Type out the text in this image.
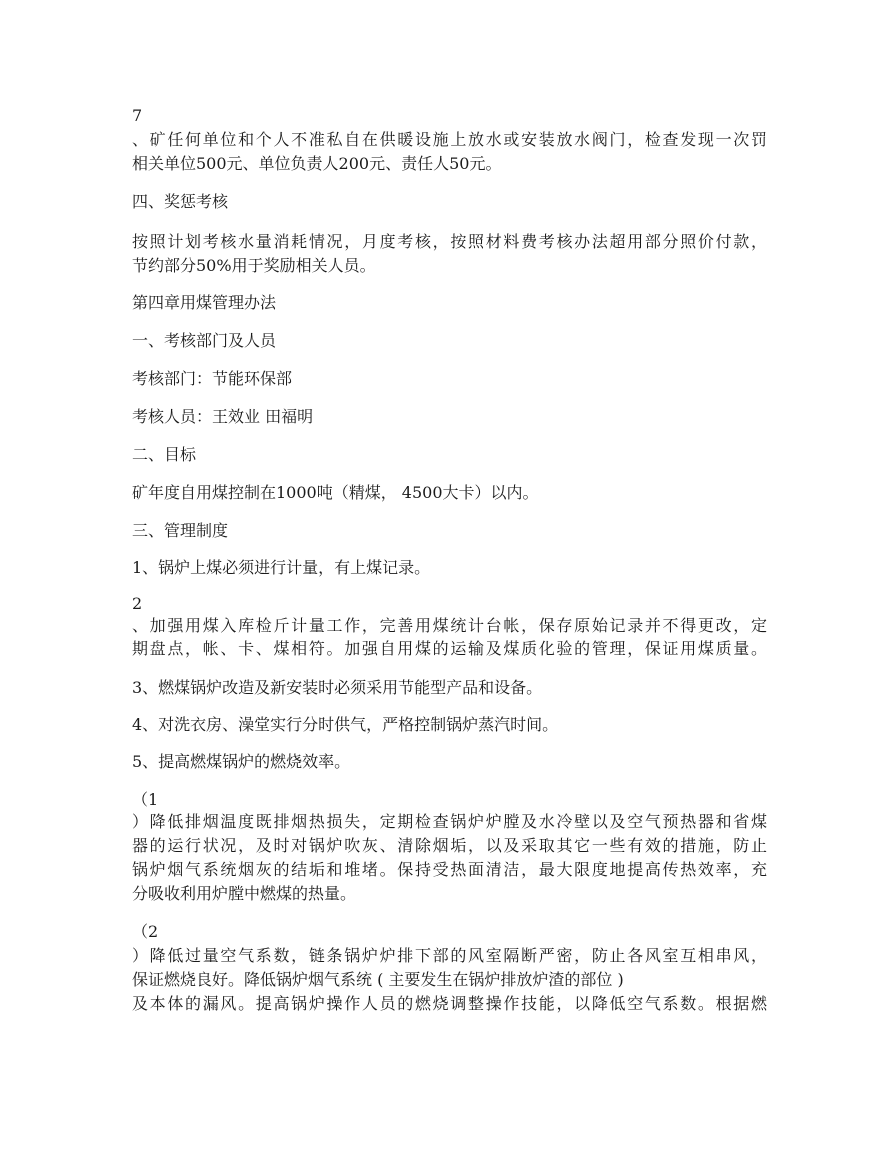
7
、矿任何单位和个人不准私自在供暖设施上放水或安装放水阀门，检查发现一次罚
相关单位500元、单位负责人200元、责任人50元。
四、奖惩考核
按照计划考核水量消耗情况，月度考核，按照材料费考核办法超用部分照价付款，
节约部分50%用于奖励相关人员。
第四章用煤管理办法
一、考核部门及人员
考核部门：节能环保部
考核人员：王效业 田福明
二、目标
矿年度自用煤控制在1000吨（精煤， 4500大卡）以内。
三、管理制度
1、锅炉上煤必须进行计量，有上煤记录。
2
、加强用煤入库检斤计量工作，完善用煤统计台帐，保存原始记录并不得更改，定
期盘点，帐、卡、煤相符。加强自用煤的运输及煤质化验的管理，保证用煤质量。
3、燃煤锅炉改造及新安装时必须采用节能型产品和设备。
4、对洗衣房、澡堂实行分时供气，严格控制锅炉蒸汽时间。
5、提高燃煤锅炉的燃烧效率。
（1
）降低排烟温度既排烟热损失，定期检查锅炉炉膛及水冷壁以及空气预热器和省煤
器的运行状况，及时对锅炉吹灰、清除烟垢，以及采取其它一些有效的措施，防止
锅炉烟气系统烟灰的结垢和堆堵。保持受热面清洁，最大限度地提高传热效率，充
分吸收利用炉膛中燃煤的热量。
（2
）降低过量空气系数，链条锅炉炉排下部的风室隔断严密，防止各风室互相串风，
保证燃烧良好。降低锅炉烟气系统 ( 主要发生在锅炉排放炉渣的部位 )
及本体的漏风。提高锅炉操作人员的燃烧调整操作技能，以降低空气系数。根据燃
